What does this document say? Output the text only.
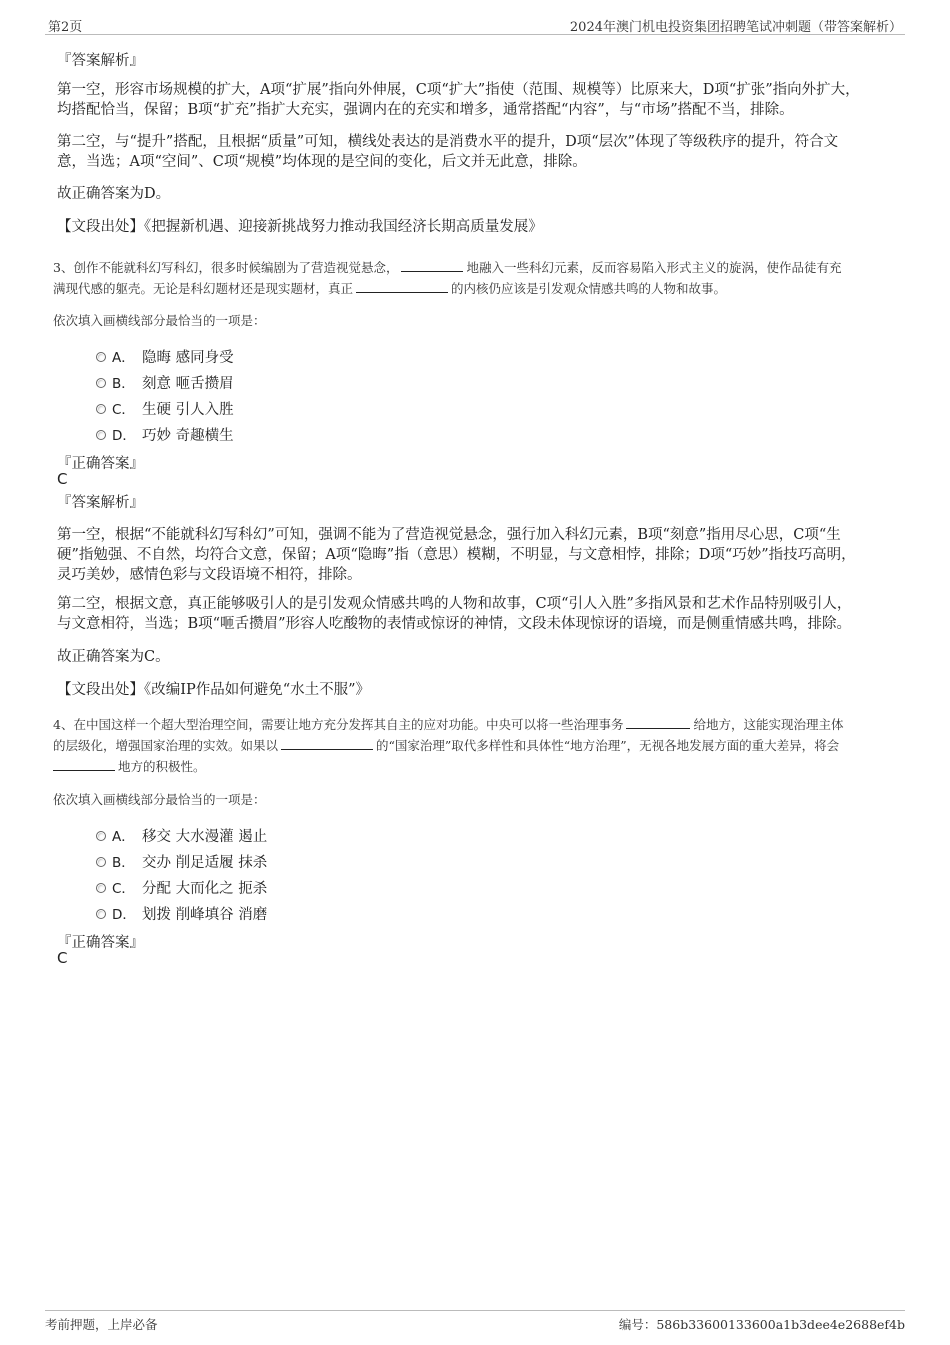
第2页	2024年澳门机电投资集团招聘笔试冲刺题（带答案解析）
『答案解析』
第一空，形容市场规模的扩大，A项“扩展”指向外伸展，C项“扩大”指使（范围、规模等）比原来大，D项“扩张”指向外扩大，
均搭配恰当，保留；B项“扩充”指扩大充实，强调内在的充实和增多，通常搭配“内容”，与“市场”搭配不当，排除。
第二空，与“提升”搭配，且根据“质量”可知，横线处表达的是消费水平的提升，D项“层次”体现了等级秩序的提升，符合文
意，当选；A项“空间”、C项“规模”均体现的是空间的变化，后文并无此意，排除。
故正确答案为D。
【文段出处】《把握新机遇、迎接新挑战努力推动我国经济长期高质量发展》
3、创作不能就科幻写科幻，很多时候编剧为了营造视觉悬念，	地融入一些科幻元素，反而容易陷入形式主义的旋涡，使作品徒有充
满现代感的躯壳。无论是科幻题材还是现实题材，真正	的内核仍应该是引发观众情感共鸣的人物和故事。
依次填入画横线部分最恰当的一项是：
A． 隐晦 感同身受
B． 刻意 咂舌攒眉
C． 生硬 引人入胜
D． 巧妙 奇趣横生
『正确答案』
C
『答案解析』
第一空，根据“不能就科幻写科幻”可知，强调不能为了营造视觉悬念，强行加入科幻元素，B项“刻意”指用尽心思，C项“生
硬”指勉强、不自然，均符合文意，保留；A项“隐晦”指（意思）模糊，不明显，与文意相悖，排除；D项“巧妙”指技巧高明，
灵巧美妙，感情色彩与文段语境不相符，排除。
第二空，根据文意，真正能够吸引人的是引发观众情感共鸣的人物和故事，C项“引人入胜”多指风景和艺术作品特别吸引人，
与文意相符，当选；B项“咂舌攒眉”形容人吃酸物的表情或惊讶的神情，文段未体现惊讶的语境，而是侧重情感共鸣，排除。
故正确答案为C。
【文段出处】《改编IP作品如何避免“水土不服”》
4、在中国这样一个超大型治理空间，需要让地方充分发挥其自主的应对功能。中央可以将一些治理事务	给地方，这能实现治理主体
的层级化，增强国家治理的实效。如果以	的“国家治理”取代多样性和具体性“地方治理”，无视各地发展方面的重大差异，将会
地方的积极性。
依次填入画横线部分最恰当的一项是：
A． 移交 大水漫灌 遏止
B． 交办 削足适履 抹杀
C． 分配 大而化之 扼杀
D． 划拨 削峰填谷 消磨
『正确答案』
C
考前押题，上岸必备	编号：586b33600133600a1b3dee4e2688ef4b
